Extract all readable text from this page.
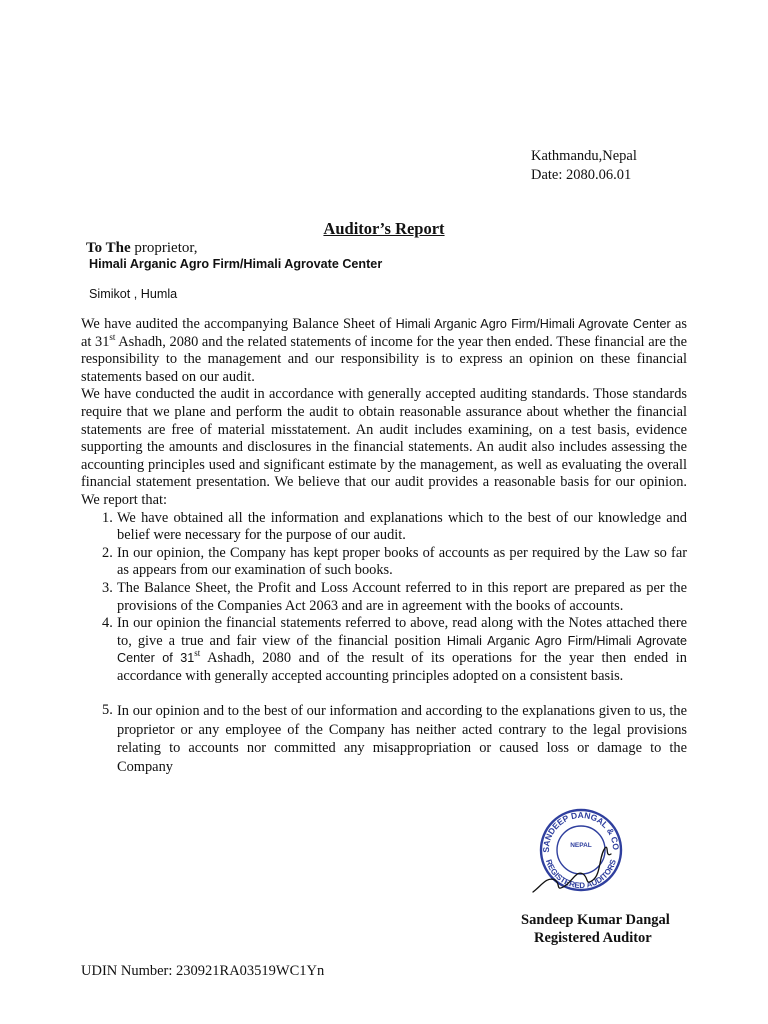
Kathmandu,Nepal
Date: 2080.06.01
Auditor’s Report
To The proprietor,
Himali Arganic Agro Firm/Himali Agrovate Center
Simikot , Humla

We have audited the accompanying Balance Sheet of Himali Arganic Agro Firm/Himali Agrovate Center as at 31st Ashadh, 2080 and the related statements of income for the year then ended. These financial are the responsibility to the management and our responsibility is to express an opinion on these financial statements based on our audit.

We have conducted the audit in accordance with generally accepted auditing standards. Those standards require that we plane and perform the audit to obtain reasonable assurance about whether the financial statements are free of material misstatement. An audit includes examining, on a test basis, evidence supporting the amounts and disclosures in the financial statements. An audit also includes assessing the accounting principles used and significant estimate by the management, as well as evaluating the overall financial statement presentation. We believe that our audit provides a reasonable basis for our opinion. We report that:

1. We have obtained all the information and explanations which to the best of our knowledge and belief were necessary for the purpose of our audit.
2. In our opinion, the Company has kept proper books of accounts as per required by the Law so far as appears from our examination of such books.
3. The Balance Sheet, the Profit and Loss Account referred to in this report are prepared as per the provisions of the Companies Act 2063 and are in agreement with the books of accounts.
4. In our opinion the financial statements referred to above, read along with the Notes attached there to, give a true and fair view of the financial position Himali Arganic Agro Firm/Himali Agrovate Center of 31st Ashadh, 2080 and of the result of its operations for the year then ended in accordance with generally accepted accounting principles adopted on a consistent basis.
5. In our opinion and to the best of our information and according to the explanations given to us, the proprietor or any employee of the Company has neither acted contrary to the legal provisions relating to accounts nor committed any misappropriation or caused loss or damage to the Company
SANDEEP DANGAL & CO
REGISTERED AUDITORS
NEPAL
Sandeep Kumar Dangal
Registered Auditor
UDIN Number: 230921RA03519WC1Yn
